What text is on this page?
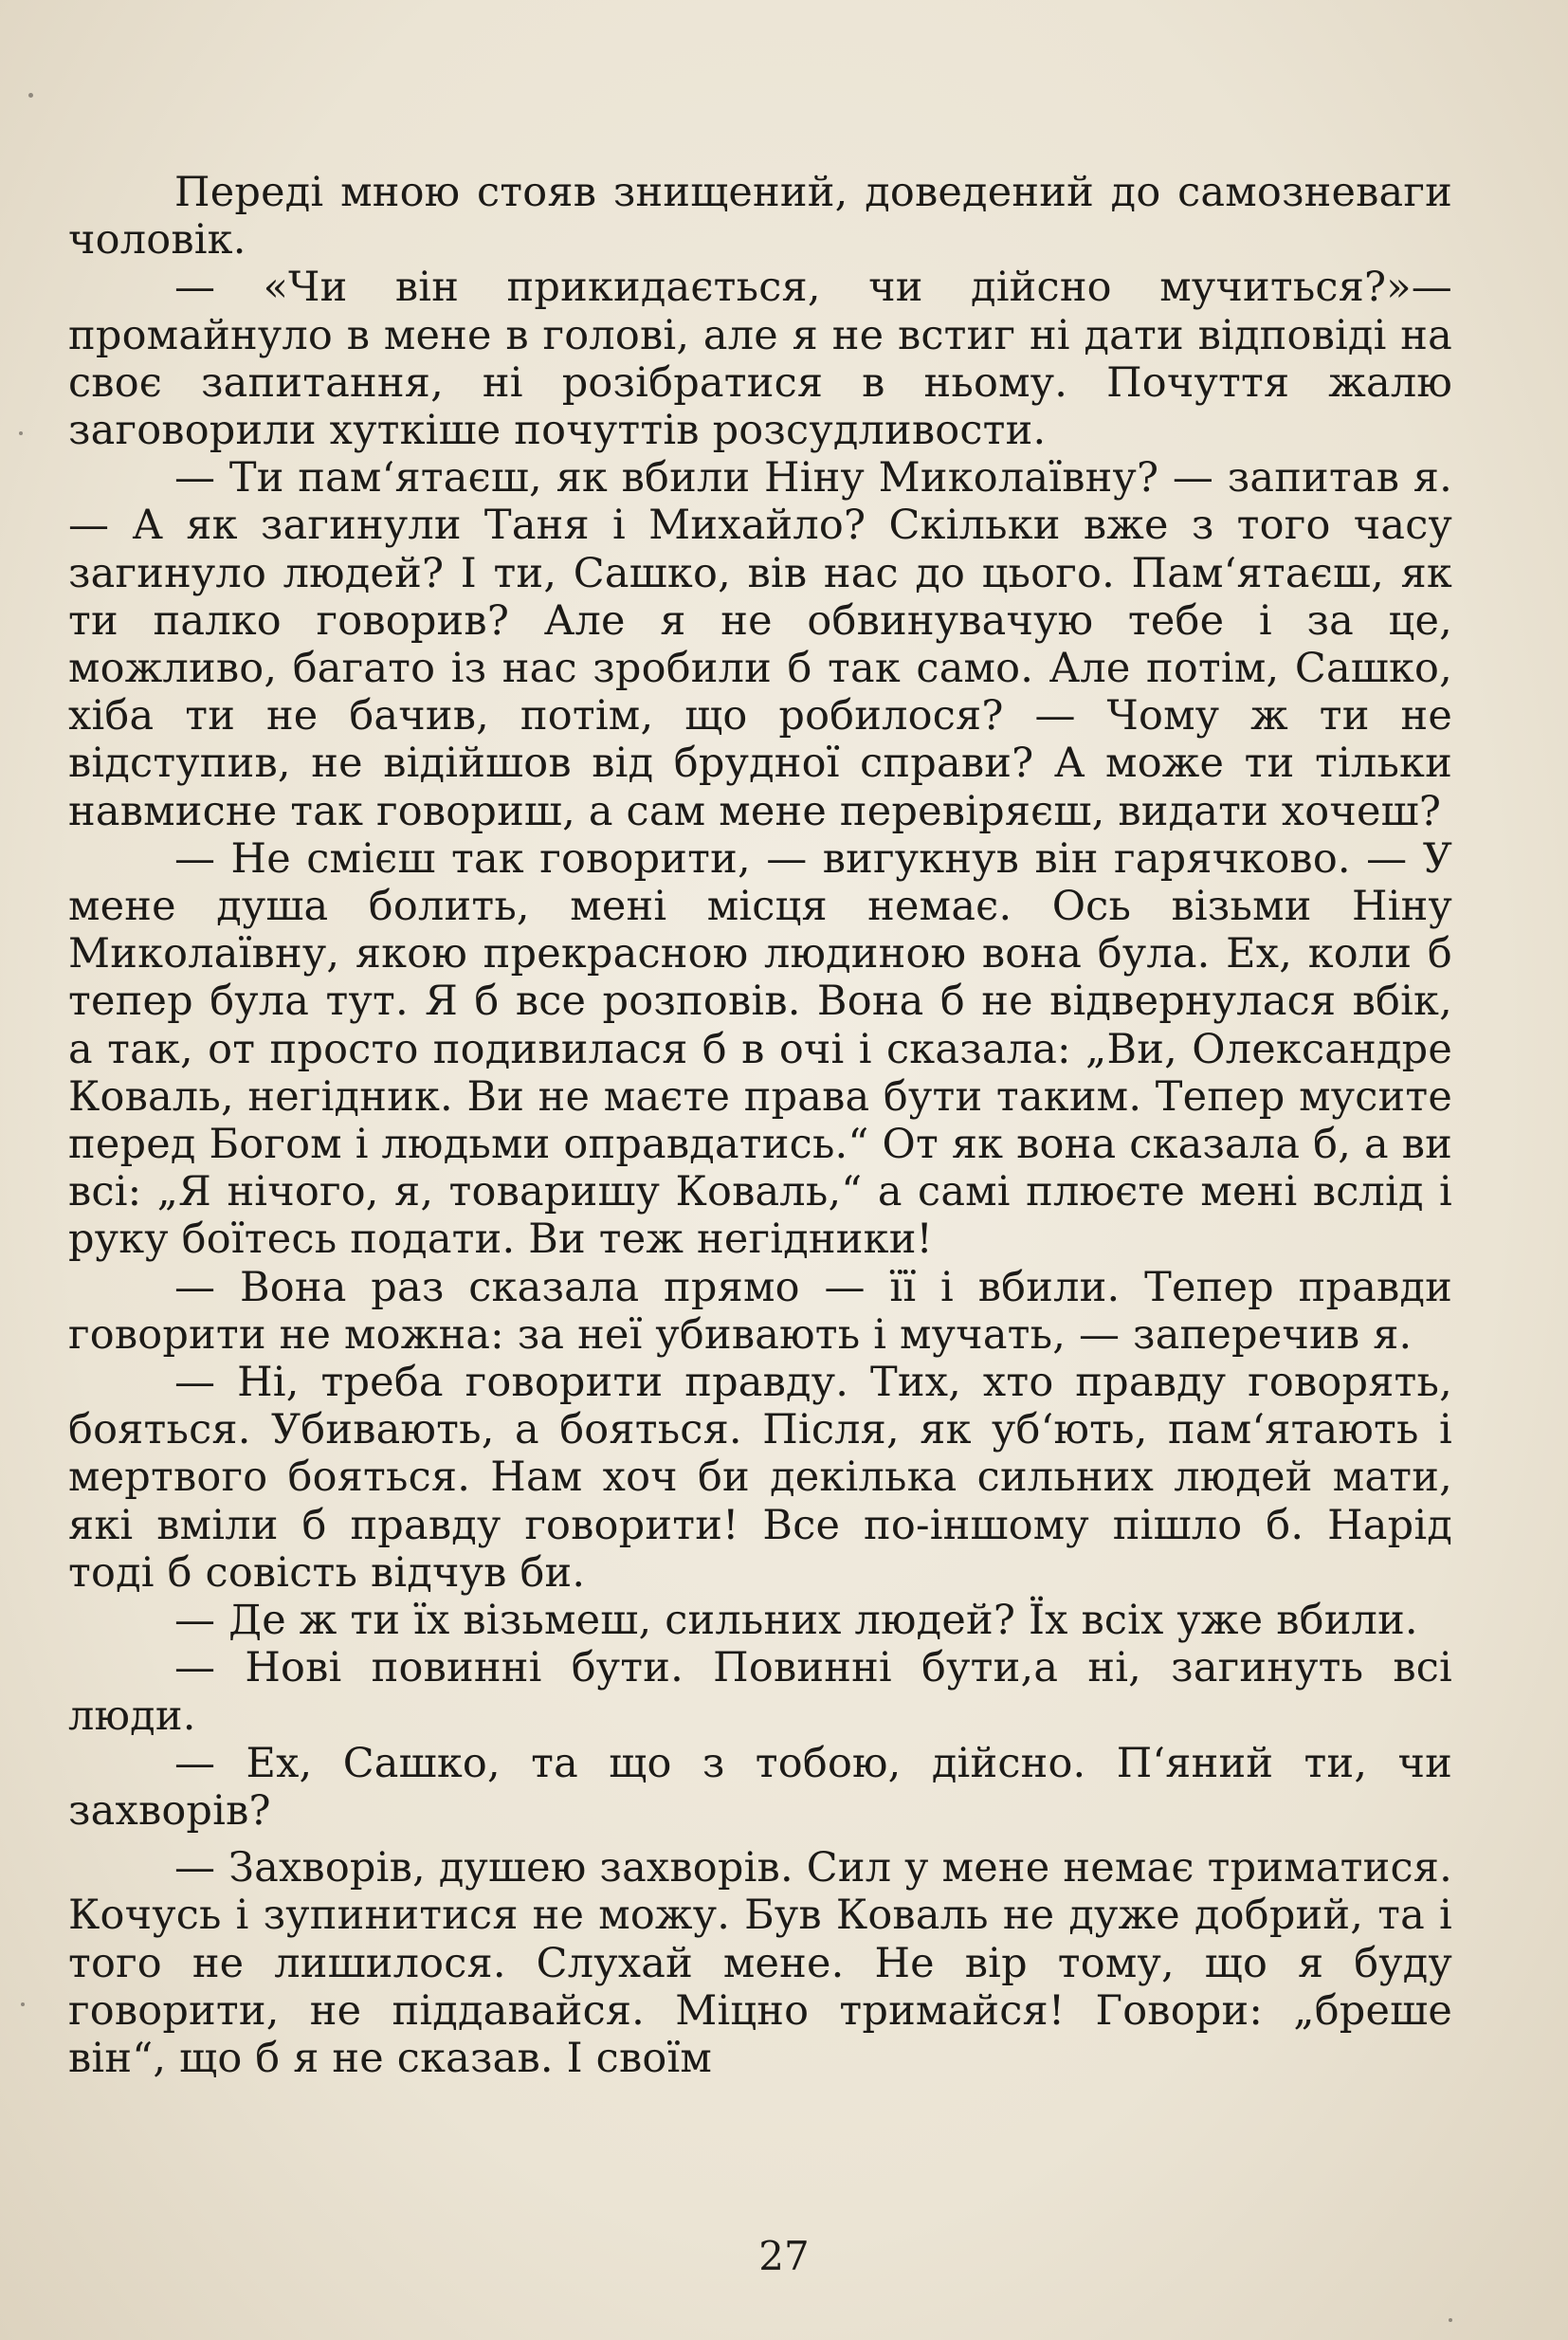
Переді мною стояв знищений, доведений до самозневаги чоловік.

— «Чи він прикидається, чи дійсно мучиться?»— промайнуло в мене в голові, але я не встиг ні дати відповіді на своє запитання, ні розібратися в ньому. Почуття жалю заговорили хуткіше почуттів розсудливости.

— Ти пам‘ятаєш, як вбили Ніну Миколаївну? — запитав я. — А як загинули Таня і Михайло? Скільки вже з того часу загинуло людей? І ти, Сашко, вів нас до цього. Пам‘ятаєш, як ти палко говорив? Але я не обвинувачую тебе і за це, можливо, багато із нас зробили б так само. Але потім, Сашко, хіба ти не бачив, потім, що робилося? — Чому ж ти не відступив, не відійшов від брудної справи? А може ти тільки навмисне так говориш, а сам мене перевіряєш, видати хочеш?

— Не смієш так говорити, — вигукнув він гарячково. — У мене душа болить, мені місця немає. Ось візьми Ніну Миколаївну, якою прекрасною людиною вона була. Ех, коли б тепер була тут. Я б все розповів. Вона б не відвернулася вбік, а так, от просто подивилася б в очі і сказала: „Ви, Олександре Коваль, негідник. Ви не маєте права бути таким. Тепер мусите перед Богом і людьми оправдатись.“ От як вона сказала б, а ви всі: „Я нічого, я, товаришу Коваль,“ а самі плюєте мені вслід і руку боїтесь подати. Ви теж негідники!

— Вона раз сказала прямо — її і вбили. Тепер правди говорити не можна: за неї убивають і мучать, — заперечив я.

— Ні, треба говорити правду. Тих, хто правду говорять, бояться. Убивають, а бояться. Після, як уб‘ють, пам‘ятають і мертвого бояться. Нам хоч би декілька сильних людей мати, які вміли б правду говорити! Все по-іншому пішло б. Нарід тоді б совість відчув би.

— Де ж ти їх візьмеш, сильних людей? Їх всіх уже вбили.

— Нові повинні бути. Повинні бути,а ні, загинуть всі люди.

— Ех, Сашко, та що з тобою, дійсно. П‘яний ти, чи захворів?

— Захворів, душею захворів. Сил у мене немає триматися. Кочусь і зупинитися не можу. Був Коваль не дуже добрий, та і того не лишилося. Слухай мене. Не вір тому, що я буду говорити, не піддавайся. Міцно тримайся! Говори: „бреше він“, що б я не сказав. І своїм

27
